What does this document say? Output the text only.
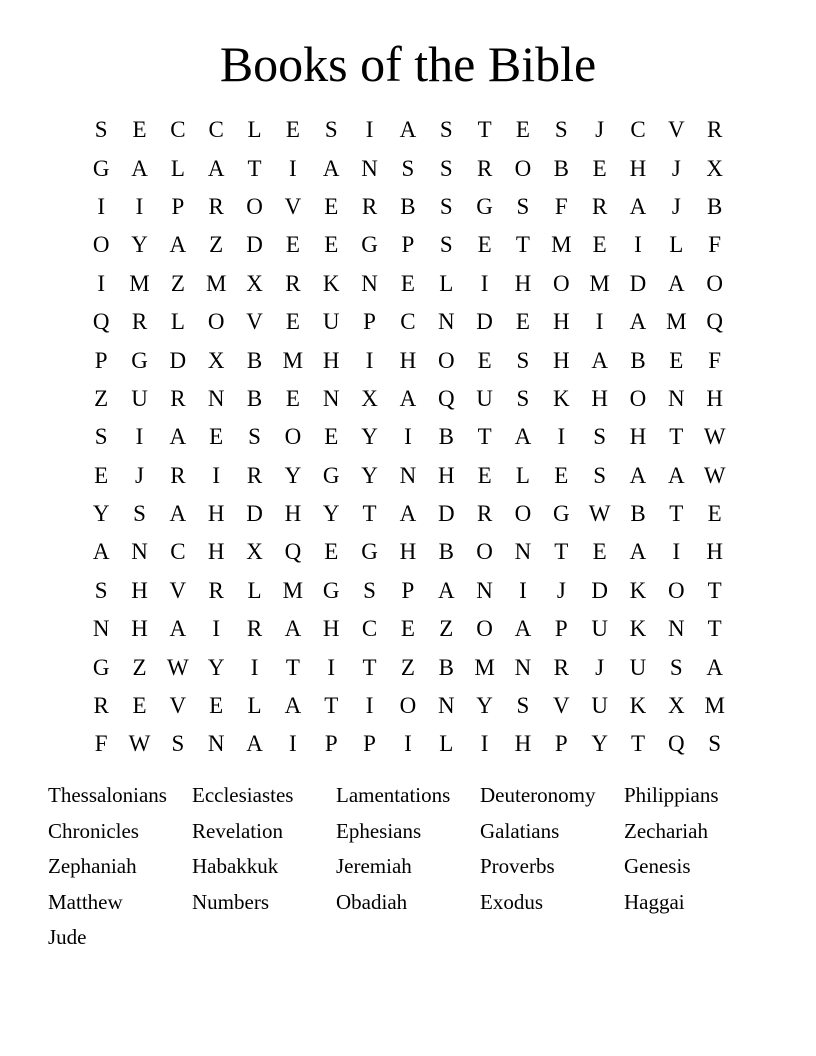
Books of the Bible
S	E	C	C	L	E	S	I	A	S	T	E	S	J	C V R
G A	L	A	T	I	A N	S	S	R O B	E	H	J	X
I	I	P	R O V	E	R	B	S	G	S	F	R A	J	B
O Y A	Z	D	E	E	G	P	S	E	T M E	I	L	F
I	M Z M X R K N	E	L	I	H O M D A O
Q R	L	O V	E	U	P	C N D	E	H	I	A M Q
P	G D X B M H	I	H O	E	S	H A B	E	F
Z	U R N B	E	N X A Q U	S	K H O N H
S	I	A	E	S	O	E	Y	I	B	T	A	I	S	H	T W
E	J	R	I	R Y G Y N H	E	L	E	S	A A W
Y	S	A H D H Y	T	A D R O G W B	T	E
A N C H X Q	E	G H B O N	T	E	A	I	H
S	H V R	L M G	S	P	A N	I	J	D K O	T
N H A	I	R A H C	E	Z	O A	P	U K N	T
G	Z W Y	I	T	I	T	Z	B M N R	J	U	S	A
R	E	V	E	L	A	T	I	O N Y	S	V U K X M
F W S	N A	I	P	P	I	L	I	H	P	Y	T	Q	S
Thessalonians	Ecclesiastes	Lamentations	Deuteronomy	Philippians
Chronicles	Revelation	Ephesians	Galatians	Zechariah
Zephaniah	Habakkuk	Jeremiah	Proverbs	Genesis
Matthew	Numbers	Obadiah	Exodus	Haggai
Jude
